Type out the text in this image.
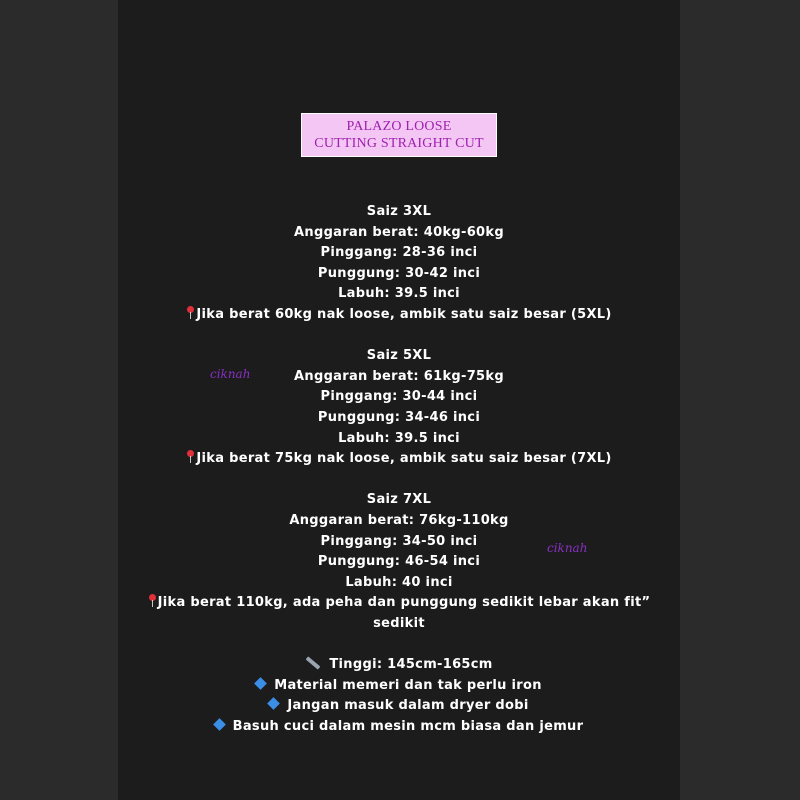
PALAZO LOOSE
CUTTING STRAIGHT CUT
Saiz 3XL
Anggaran berat: 40kg-60kg
Pinggang: 28-36 inci
Punggung: 30-42 inci
Labuh: 39.5 inci
Jika berat 60kg nak loose, ambik satu saiz besar (5XL)
Saiz 5XL
Anggaran berat: 61kg-75kg
Pinggang: 30-44 inci
Punggung: 34-46 inci
Labuh: 39.5 inci
Jika berat 75kg nak loose, ambik satu saiz besar (7XL)
Saiz 7XL
Anggaran berat: 76kg-110kg
Pinggang: 34-50 inci
Punggung: 46-54 inci
Labuh: 40 inci
Jika berat 110kg, ada peha dan punggung sedikit lebar akan fit”
sedikit
Tinggi: 145cm-165cm
Material memeri dan tak perlu iron
Jangan masuk dalam dryer dobi
Basuh cuci dalam mesin mcm biasa dan jemur
ciknah
ciknah
